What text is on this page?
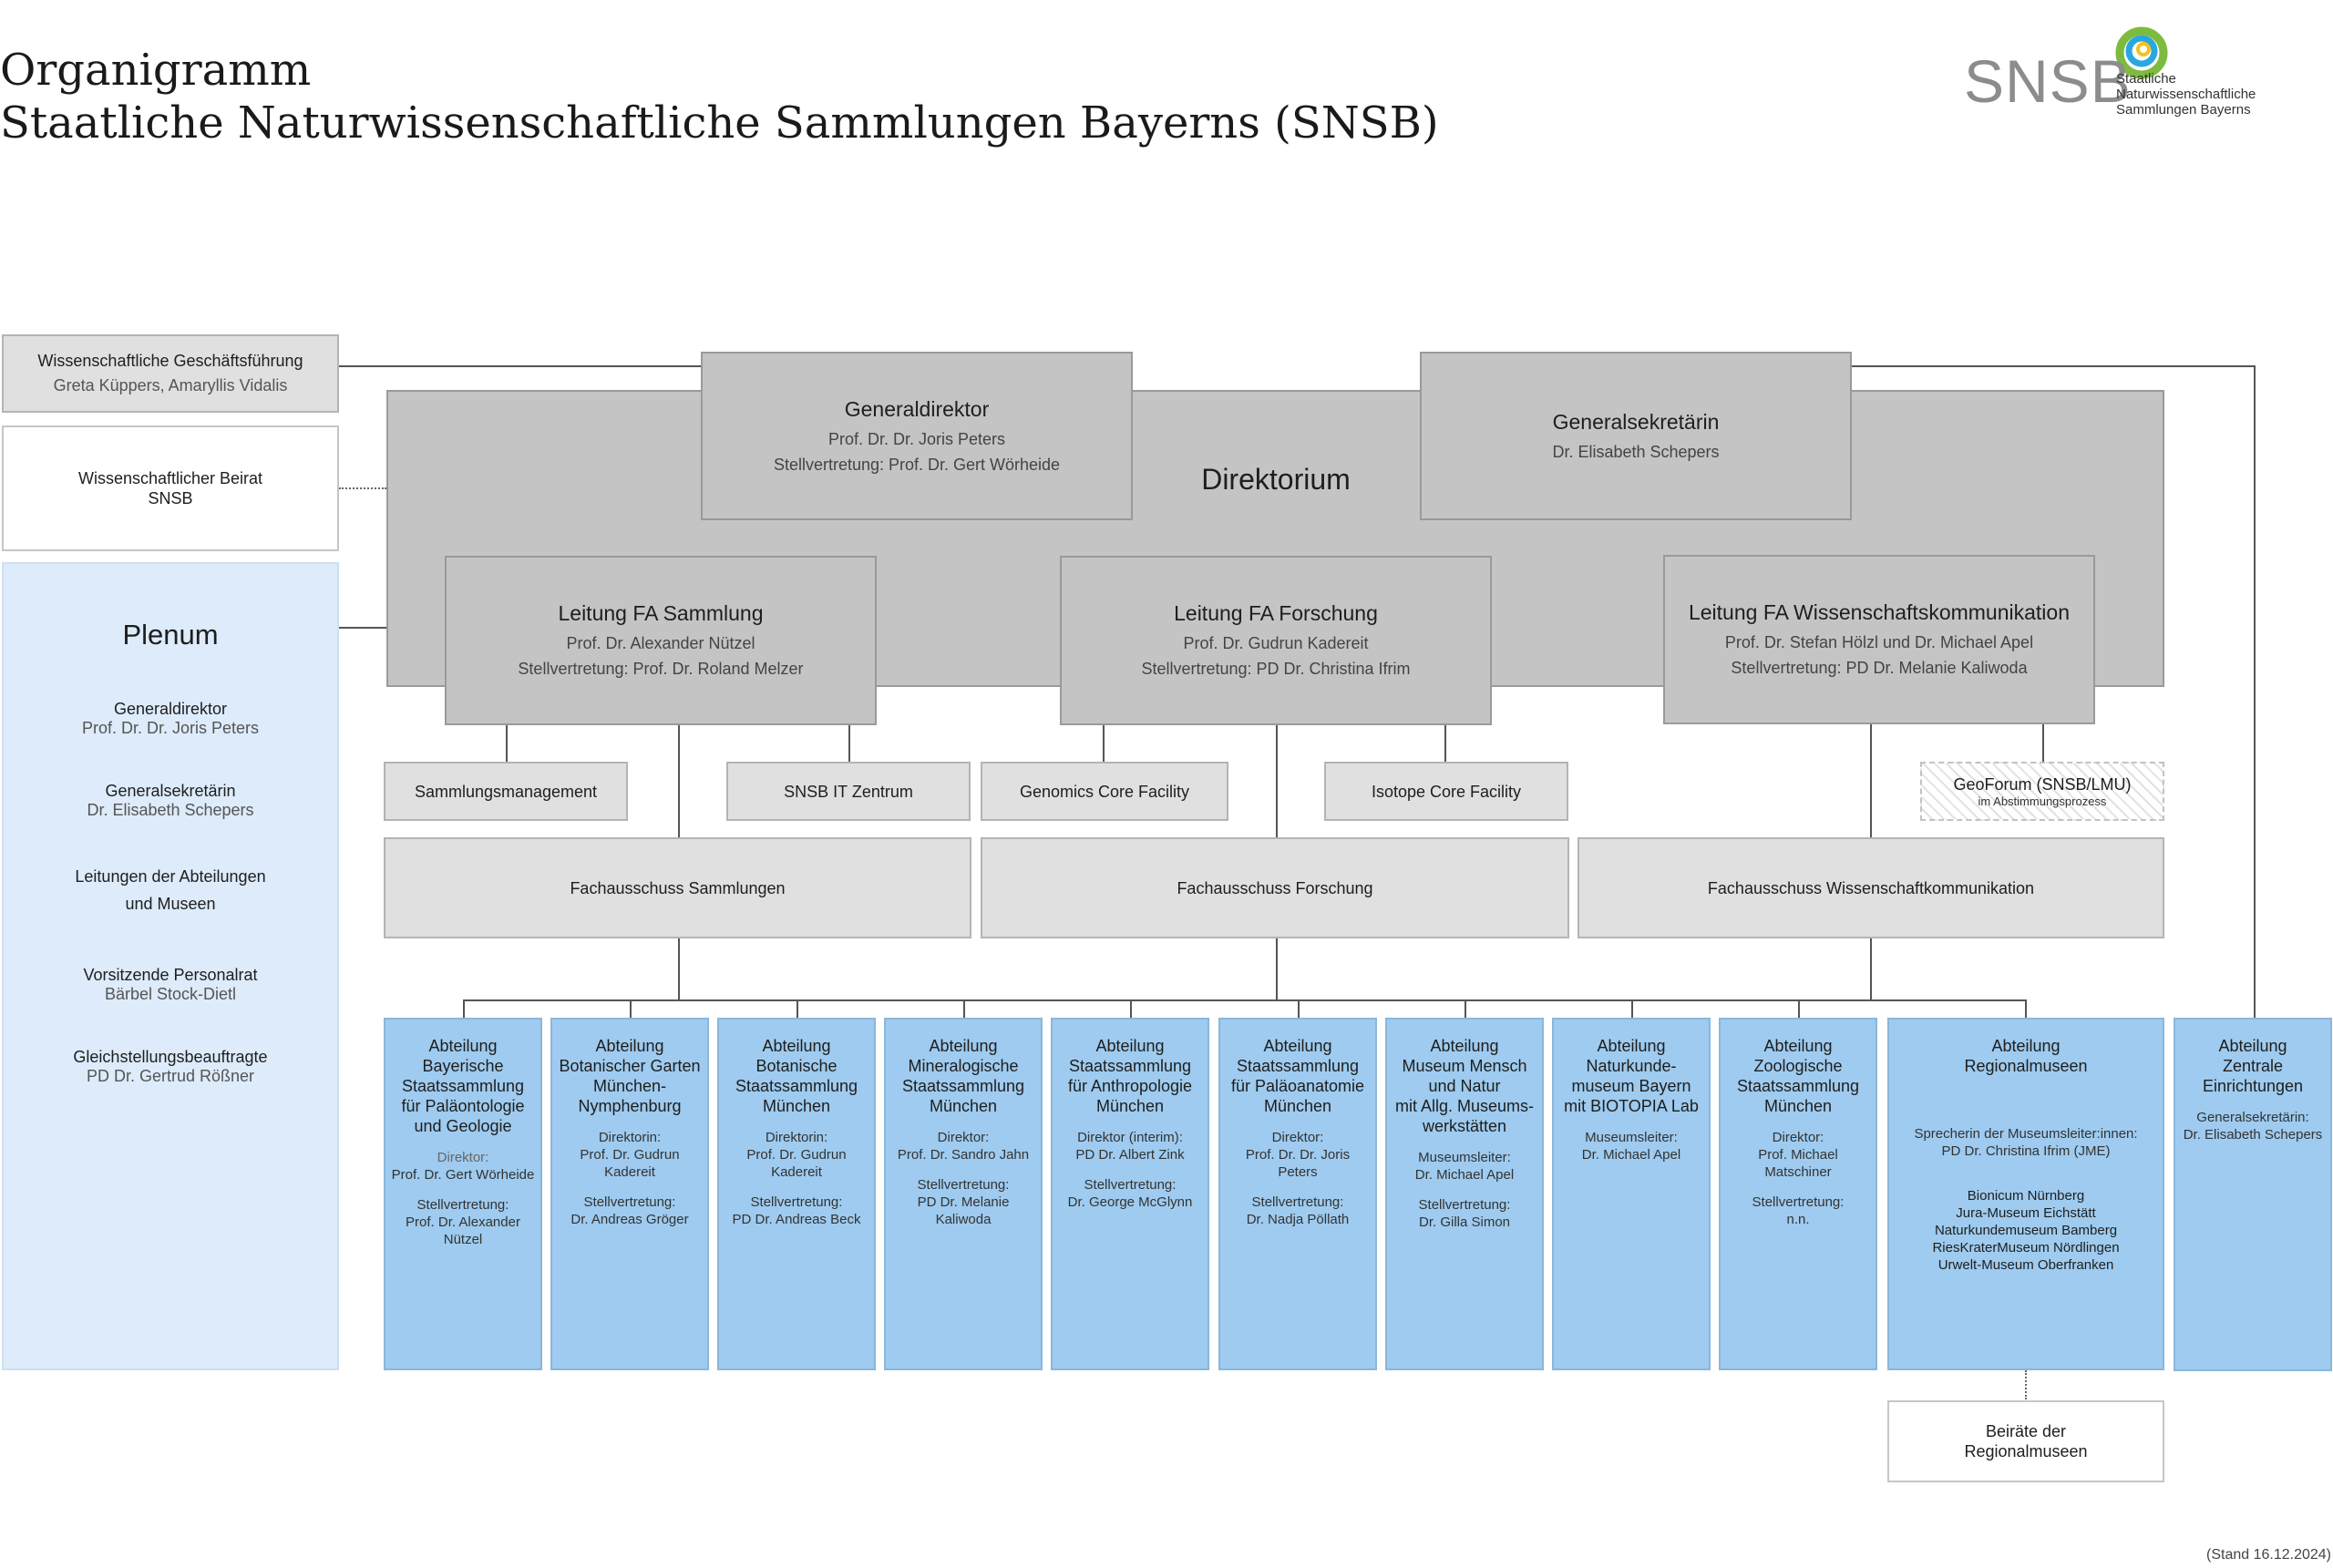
Organigramm
Staatliche Naturwissenschaftliche Sammlungen Bayerns (SNSB)
SNSB
Staatliche
Naturwissenschaftliche
Sammlungen Bayerns
Wissenschaftliche Geschäftsführung
Greta Küppers, Amaryllis Vidalis
Wissenschaftlicher Beirat
SNSB
Plenum
Generaldirektor
Prof. Dr. Dr. Joris Peters
Generalsekretärin
Dr. Elisabeth Schepers
Leitungen der Abteilungen
und Museen
Vorsitzende Personalrat
Bärbel Stock-Dietl
Gleichstellungsbeauftragte
PD Dr. Gertrud Rößner
Direktorium
Generaldirektor
Prof. Dr. Dr. Joris Peters
Stellvertretung: Prof. Dr. Gert Wörheide
Generalsekretärin
Dr. Elisabeth Schepers
Leitung FA Sammlung
Prof. Dr. Alexander Nützel
Stellvertretung: Prof. Dr. Roland Melzer
Leitung FA Forschung
Prof. Dr. Gudrun Kadereit
Stellvertretung: PD Dr. Christina Ifrim
Leitung FA Wissenschaftskommunikation
Prof. Dr. Stefan Hölzl und Dr. Michael Apel
Stellvertretung: PD Dr. Melanie Kaliwoda
Sammlungsmanagement	SNSB IT Zentrum	Genomics Core Facility	Isotope Core Facility	GeoForum (SNSB/LMU)
im Abstimmungsprozess
Fachausschuss Sammlungen	Fachausschuss Forschung	Fachausschuss Wissenschaftkommunikation
Abteilung
Bayerische
Staatssammlung
für Paläontologie
und Geologie
Direktor:
Prof. Dr. Gert Wörheide
Stellvertretung:
Prof. Dr. Alexander
Nützel
Abteilung
Botanischer Garten
München-
Nymphenburg
Direktorin:
Prof. Dr. Gudrun
Kadereit
Stellvertretung:
Dr. Andreas Gröger
Abteilung
Botanische
Staatssammlung
München
Direktorin:
Prof. Dr. Gudrun
Kadereit
Stellvertretung:
PD Dr. Andreas Beck
Abteilung
Mineralogische
Staatssammlung
München
Direktor:
Prof. Dr. Sandro Jahn
Stellvertretung:
PD Dr. Melanie
Kaliwoda
Abteilung
Staatssammlung
für Anthropologie
München
Direktor (interim):
PD Dr. Albert Zink
Stellvertretung:
Dr. George McGlynn
Abteilung
Staatssammlung
für Paläoanatomie
München
Direktor:
Prof. Dr. Dr. Joris
Peters
Stellvertretung:
Dr. Nadja Pöllath
Abteilung
Museum Mensch
und Natur
mit Allg. Museums-
werkstätten
Museumsleiter:
Dr. Michael Apel
Stellvertretung:
Dr. Gilla Simon
Abteilung
Naturkunde-
museum Bayern
mit BIOTOPIA Lab
Museumsleiter:
Dr. Michael Apel
Abteilung
Zoologische
Staatssammlung
München
Direktor:
Prof. Michael
Matschiner
Stellvertretung:
n.n.
Abteilung
Regionalmuseen
Sprecherin der Museumsleiter:innen:
PD Dr. Christina Ifrim (JME)
Bionicum Nürnberg
Jura-Museum Eichstätt
Naturkundemuseum Bamberg
RiesKraterMuseum Nördlingen
Urwelt-Museum Oberfranken
Abteilung
Zentrale
Einrichtungen
Generalsekretärin:
Dr. Elisabeth Schepers
Beiräte der
Regionalmuseen
(Stand 16.12.2024)
